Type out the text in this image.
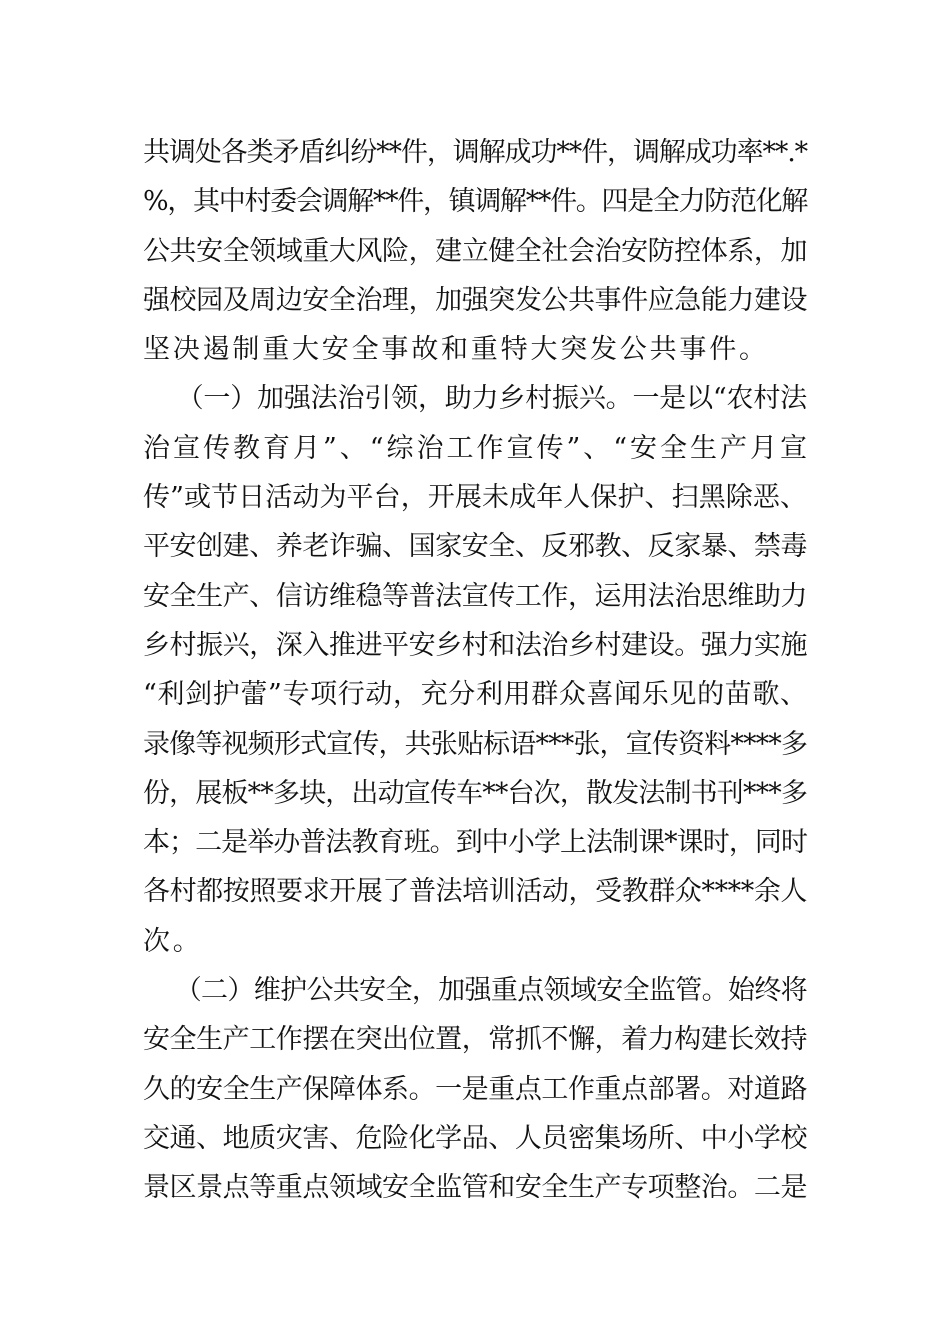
共调处各类矛盾纠纷**件，调解成功**件，调解成功率**.*
%，其中村委会调解**件，镇调解**件。四是全力防范化解
公共安全领域重大风险，建立健全社会治安防控体系，加
强校园及周边安全治理，加强突发公共事件应急能力建设
坚决遏制重大安全事故和重特大突发公共事件。
（一）加强法治引领，助力乡村振兴。一是以“农村法
治宣传教育月”、“综治工作宣传”、“安全生产月宣
传”或节日活动为平台，开展未成年人保护、扫黑除恶、
平安创建、养老诈骗、国家安全、反邪教、反家暴、禁毒
安全生产、信访维稳等普法宣传工作，运用法治思维助力
乡村振兴，深入推进平安乡村和法治乡村建设。强力实施
“利剑护蕾”专项行动，充分利用群众喜闻乐见的苗歌、
录像等视频形式宣传，共张贴标语***张，宣传资料****多
份，展板**多块，出动宣传车**台次，散发法制书刊***多
本；二是举办普法教育班。到中小学上法制课*课时，同时
各村都按照要求开展了普法培训活动，受教群众****余人
次。
（二）维护公共安全，加强重点领域安全监管。始终将
安全生产工作摆在突出位置，常抓不懈，着力构建长效持
久的安全生产保障体系。一是重点工作重点部署。对道路
交通、地质灾害、危险化学品、人员密集场所、中小学校
景区景点等重点领域安全监管和安全生产专项整治。二是
